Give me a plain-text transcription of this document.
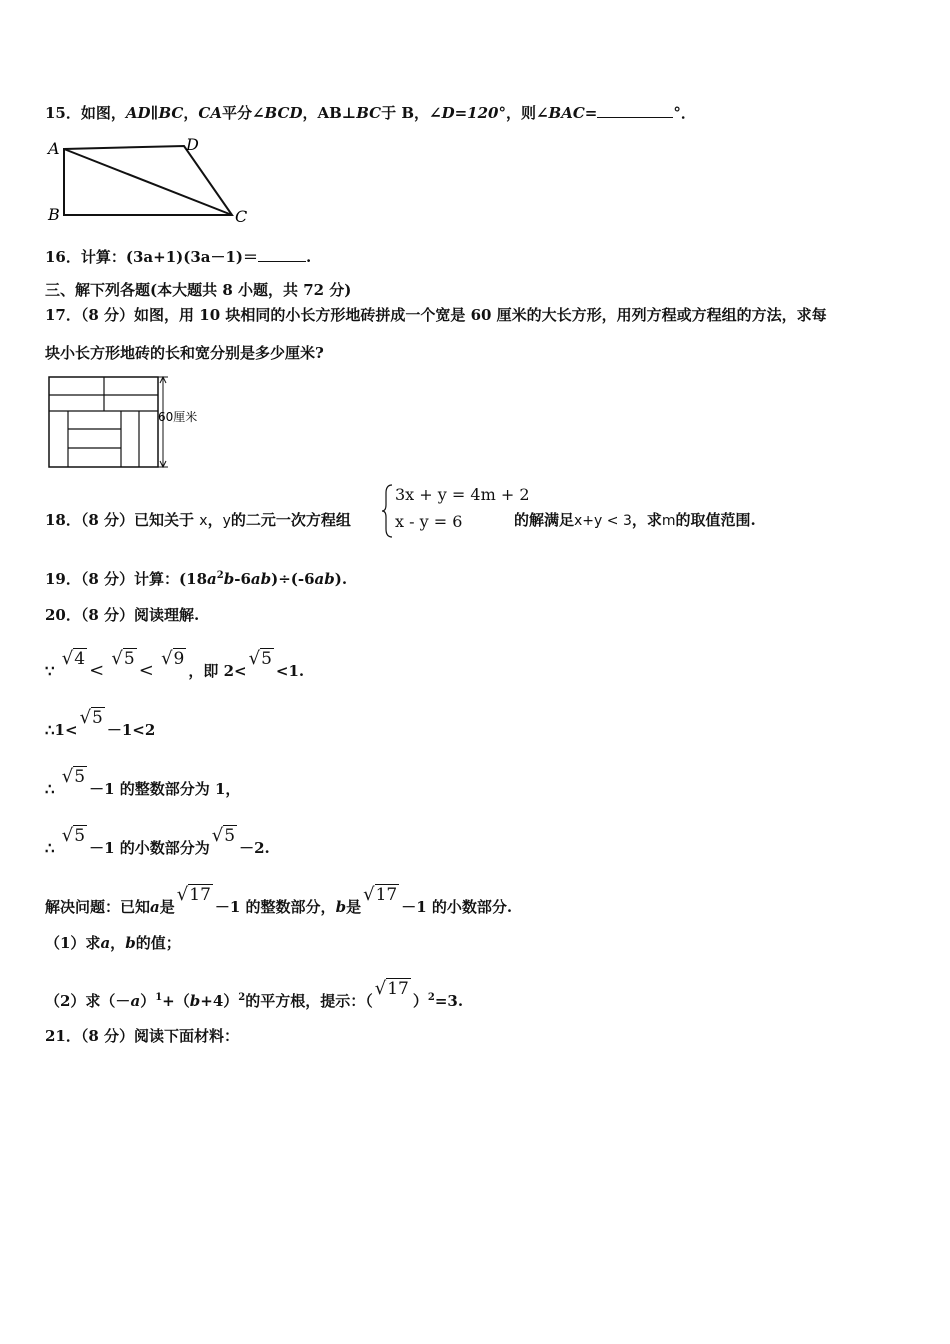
15．如图，AD∥BC，CA平分∠BCD，AB⊥BC于 B，∠D=120°，则∠BAC=	°．
A
B	C
D
16．计算：(3a+1)(3a－1)＝	.
三、解下列各题(本大题共 8 小题，共 72 分)
17．（8 分）如图，用 10 块相同的小长方形地砖拼成一个宽是 60 厘米的大长方形，用列方程或方程组的方法，求每
块小长方形地砖的长和宽分别是多少厘米?
60厘米
18．（8 分）已知关于 x，y的二元一次方程组
3x + y = 4m + 2
x - y = 6	的解满足x+y < 3，求m的取值范围.
19．（8 分）计算：$(18a^2b-6ab)\div(-6ab)$.
20．（8 分）阅读理解.
∵ √4< √5< √9，即 2<√5<1.
∴1<√5－1<2
∴ √5－1 的整数部分为 1，
∴ √5－1 的小数部分为√5－2.
解决问题：已知a是√17－1 的整数部分，b是√17－1 的小数部分.
（1）求a，b的值；
（2）求$(-a)^1+(b+4)^2$的平方根，提示：$(√17)^2=3$.
21．（8 分）阅读下面材料：
